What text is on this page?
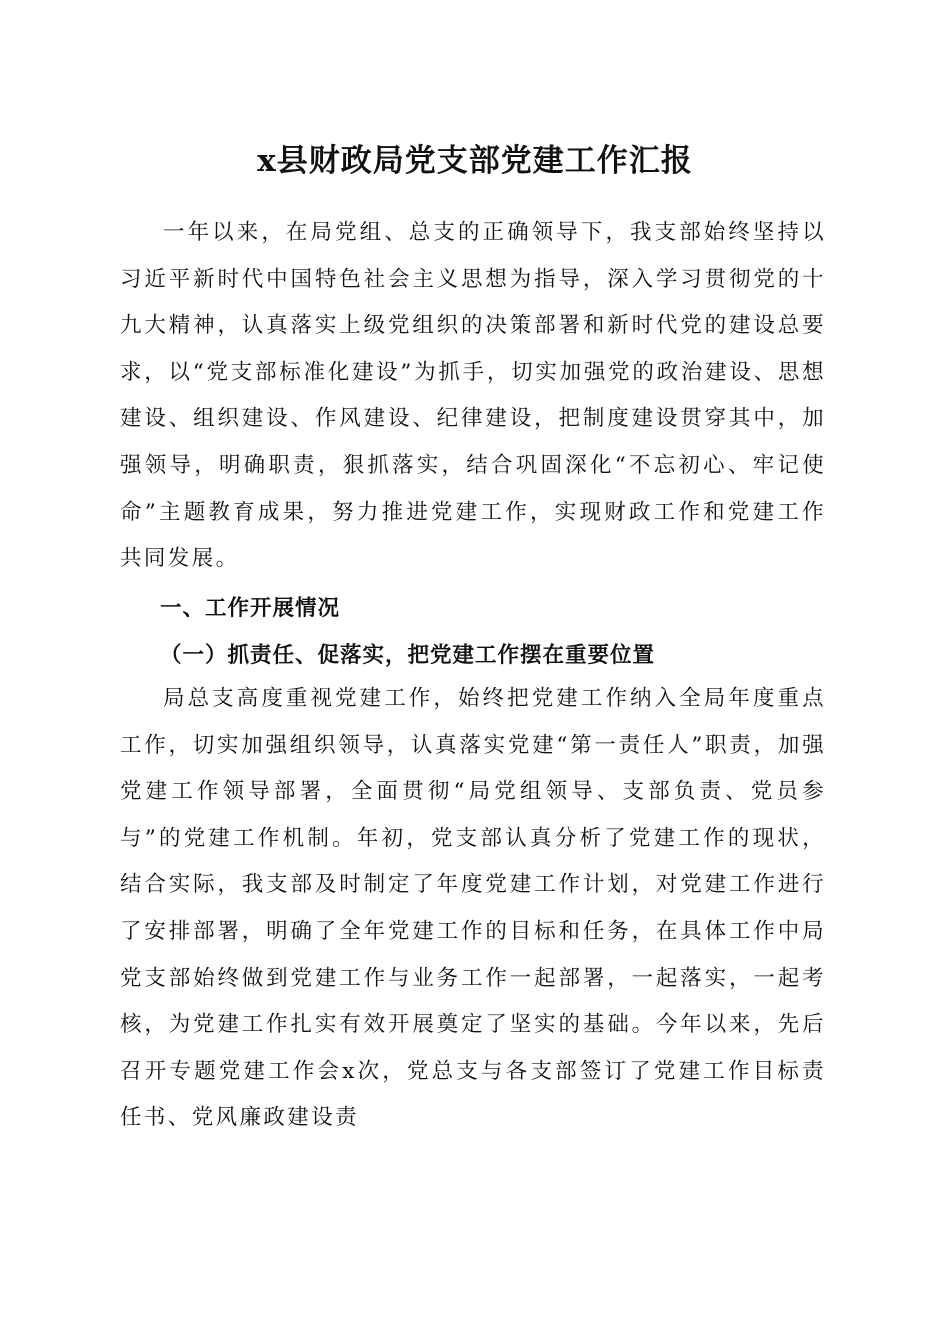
x县财政局党支部党建工作汇报

一年以来，在局党组、总支的正确领导下，我支部始终坚持以习近平新时代中国特色社会主义思想为指导，深入学习贯彻党的十九大精神，认真落实上级党组织的决策部署和新时代党的建设总要求，以“党支部标准化建设”为抓手，切实加强党的政治建设、思想建设、组织建设、作风建设、纪律建设，把制度建设贯穿其中，加强领导，明确职责，狠抓落实，结合巩固深化“不忘初心、牢记使命”主题教育成果，努力推进党建工作，实现财政工作和党建工作共同发展。

一、工作开展情况
（一）抓责任、促落实，把党建工作摆在重要位置

局总支高度重视党建工作，始终把党建工作纳入全局年度重点工作，切实加强组织领导，认真落实党建“第一责任人”职责，加强党建工作领导部署，全面贯彻“局党组领导、支部负责、党员参与”的党建工作机制。年初，党支部认真分析了党建工作的现状，结合实际，我支部及时制定了年度党建工作计划，对党建工作进行了安排部署，明确了全年党建工作的目标和任务，在具体工作中局党支部始终做到党建工作与业务工作一起部署，一起落实，一起考核，为党建工作扎实有效开展奠定了坚实的基础。今年以来，先后召开专题党建工作会x次，党总支与各支部签订了党建工作目标责任书、党风廉政建设责
